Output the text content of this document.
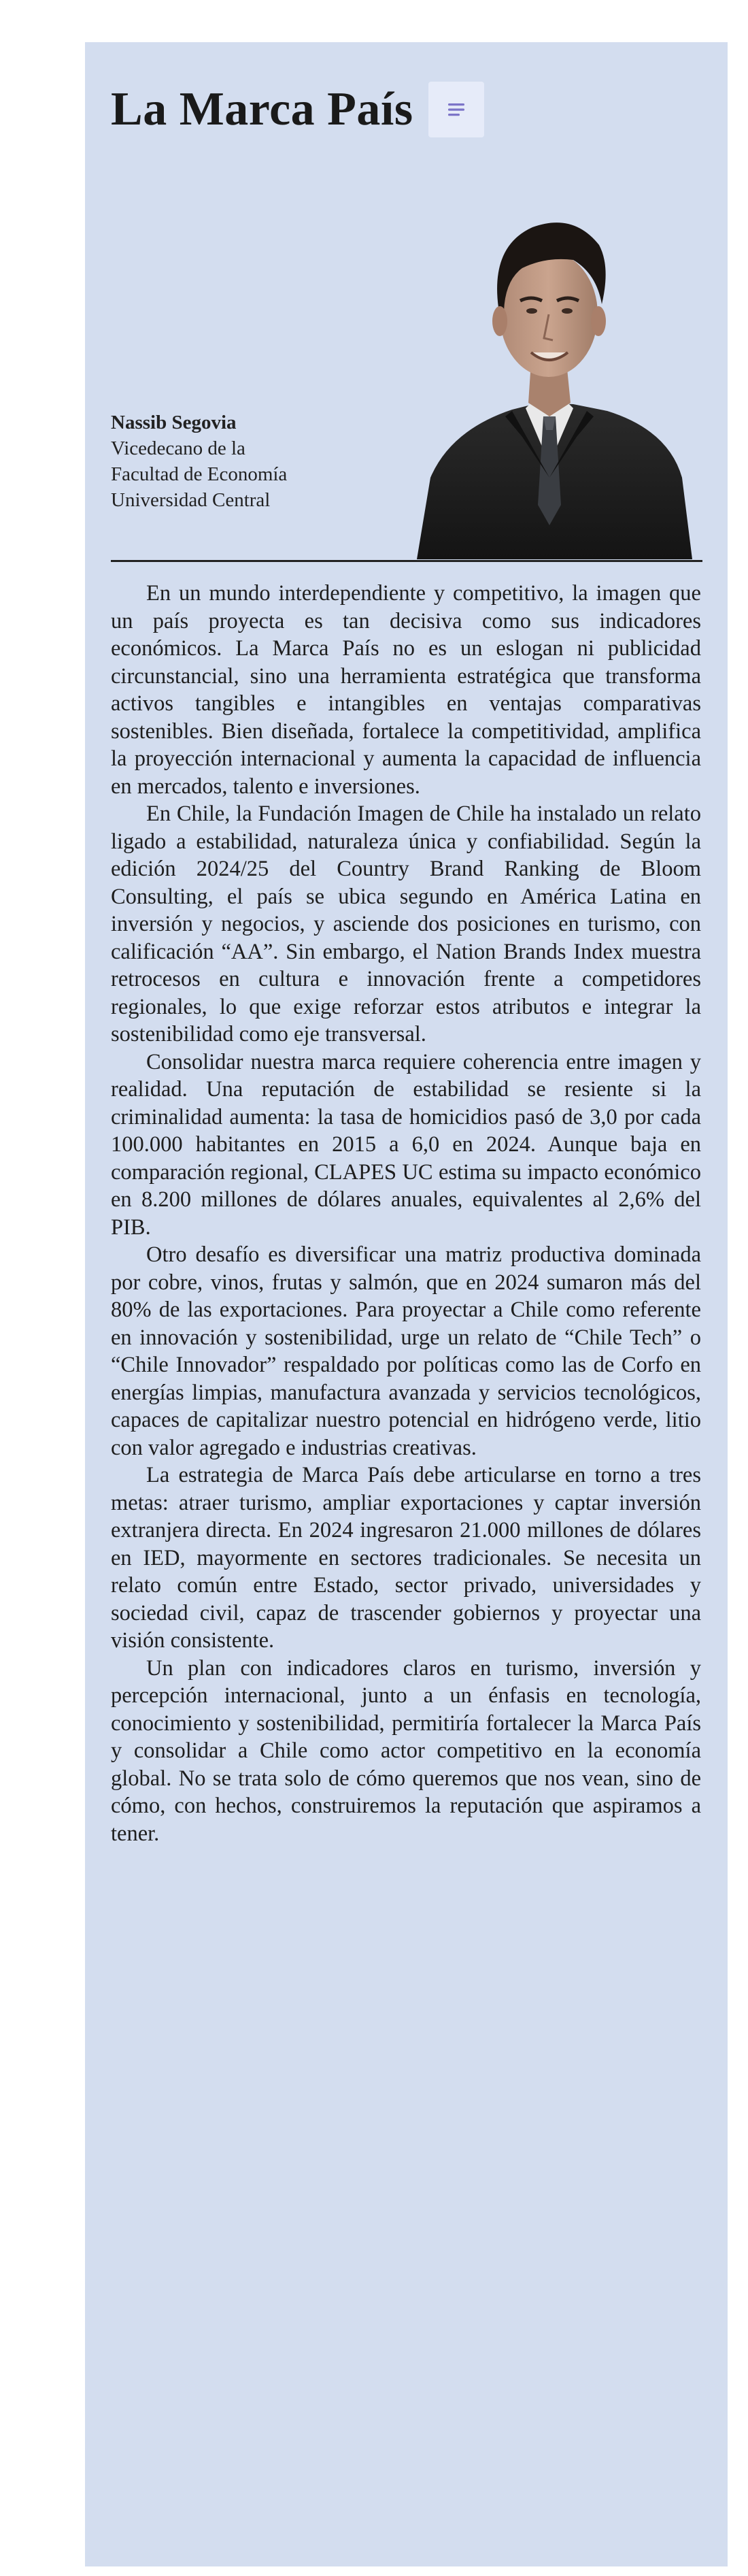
La Marca País
Nassib Segovia
Vicedecano de la
Facultad de Economía
Universidad Central

En un mundo interdependiente y competitivo, la imagen que un país proyecta es tan decisiva como sus indicadores económicos. La Marca País no es un eslogan ni publicidad circunstancial, sino una herramienta estratégica que transforma activos tangibles e intangibles en ventajas comparativas sostenibles. Bien diseñada, fortalece la competitividad, amplifica la proyección internacional y aumenta la capacidad de influencia en mercados, talento e inversiones.

En Chile, la Fundación Imagen de Chile ha instalado un relato ligado a estabilidad, naturaleza única y confiabilidad. Según la edición 2024/25 del Country Brand Ranking de Bloom Consulting, el país se ubica segundo en América Latina en inversión y negocios, y asciende dos posiciones en turismo, con calificación “AA”. Sin embargo, el Nation Brands Index muestra retrocesos en cultura e innovación frente a competidores regionales, lo que exige reforzar estos atributos e integrar la sostenibilidad como eje transversal.

Consolidar nuestra marca requiere coherencia entre imagen y realidad. Una reputación de estabilidad se resiente si la criminalidad aumenta: la tasa de homicidios pasó de 3,0 por cada 100.000 habitantes en 2015 a 6,0 en 2024. Aunque baja en comparación regional, CLAPES UC estima su impacto económico en 8.200 millones de dólares anuales, equivalentes al 2,6% del PIB.

Otro desafío es diversificar una matriz productiva dominada por cobre, vinos, frutas y salmón, que en 2024 sumaron más del 80% de las exportaciones. Para proyectar a Chile como referente en innovación y sostenibilidad, urge un relato de “Chile Tech” o “Chile Innovador” respaldado por políticas como las de Corfo en energías limpias, manufactura avanzada y servicios tecnológicos, capaces de capitalizar nuestro potencial en hidrógeno verde, litio con valor agregado e industrias creativas.

La estrategia de Marca País debe articularse en torno a tres metas: atraer turismo, ampliar exportaciones y captar inversión extranjera directa. En 2024 ingresaron 21.000 millones de dólares en IED, mayormente en sectores tradicionales. Se necesita un relato común entre Estado, sector privado, universidades y sociedad civil, capaz de trascender gobiernos y proyectar una visión consistente.

Un plan con indicadores claros en turismo, inversión y percepción internacional, junto a un énfasis en tecnología, conocimiento y sostenibilidad, permitiría fortalecer la Marca País y consolidar a Chile como actor competitivo en la economía global. No se trata solo de cómo queremos que nos vean, sino de cómo, con hechos, construiremos la reputación que aspiramos a tener.
